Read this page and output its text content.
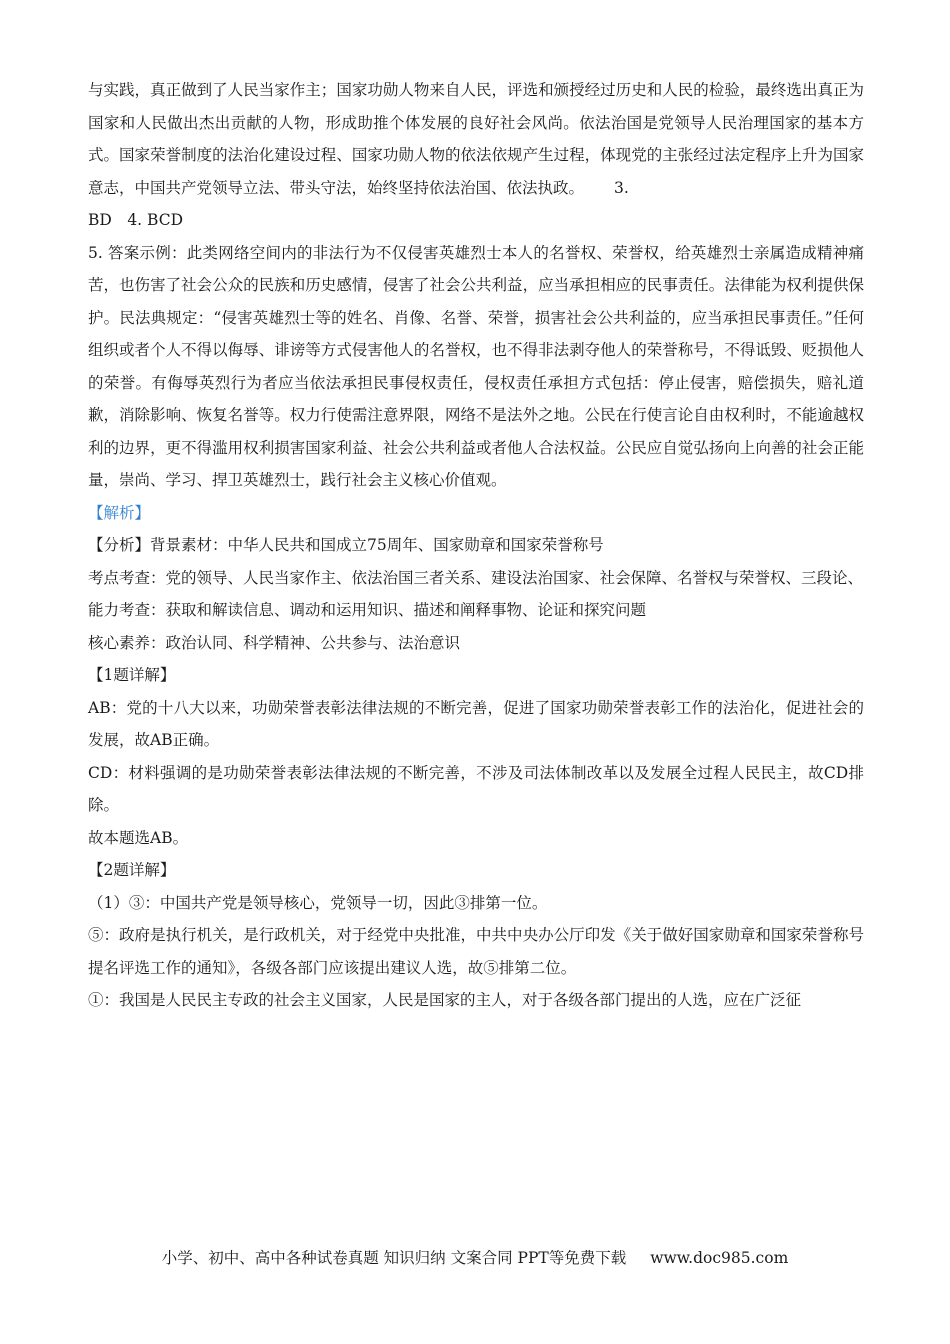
与实践，真正做到了人民当家作主；国家功勋人物来自人民，评选和颁授经过历史和人民的检验，最终选出真正为国家和人民做出杰出贡献的人物，形成助推个体发展的良好社会风尚。依法治国是党领导人民治理国家的基本方式。国家荣誉制度的法治化建设过程、国家功勋人物的依法依规产生过程，体现党的主张经过法定程序上升为国家意志，中国共产党领导立法、带头守法，始终坚持依法治国、依法执政。 3.

BD　4. BCD

5. 答案示例：此类网络空间内的非法行为不仅侵害英雄烈士本人的名誉权、荣誉权，给英雄烈士亲属造成精神痛苦，也伤害了社会公众的民族和历史感情，侵害了社会公共利益，应当承担相应的民事责任。法律能为权利提供保护。民法典规定：“侵害英雄烈士等的姓名、肖像、名誉、荣誉，损害社会公共利益的，应当承担民事责任。”任何组织或者个人不得以侮辱、诽谤等方式侵害他人的名誉权，也不得非法剥夺他人的荣誉称号，不得诋毁、贬损他人的荣誉。有侮辱英烈行为者应当依法承担民事侵权责任，侵权责任承担方式包括：停止侵害，赔偿损失，赔礼道歉，消除影响、恢复名誉等。权力行使需注意界限，网络不是法外之地。公民在行使言论自由权利时，不能逾越权利的边界，更不得滥用权利损害国家利益、社会公共利益或者他人合法权益。公民应自觉弘扬向上向善的社会正能量，崇尚、学习、捍卫英雄烈士，践行社会主义核心价值观。

【解析】

【分析】背景素材：中华人民共和国成立75周年、国家勋章和国家荣誉称号

考点考查：党的领导、人民当家作主、依法治国三者关系、建设法治国家、社会保障、名誉权与荣誉权、三段论、

能力考查：获取和解读信息、调动和运用知识、描述和阐释事物、论证和探究问题

核心素养：政治认同、科学精神、公共参与、法治意识

【1题详解】

AB：党的十八大以来，功勋荣誉表彰法律法规的不断完善，促进了国家功勋荣誉表彰工作的法治化，促进社会的发展，故AB正确。

CD：材料强调的是功勋荣誉表彰法律法规的不断完善，不涉及司法体制改革以及发展全过程人民民主，故CD排除。

故本题选AB。

【2题详解】

（1）③：中国共产党是领导核心，党领导一切，因此③排第一位。

⑤：政府是执行机关，是行政机关，对于经党中央批准，中共中央办公厅印发《关于做好国家勋章和国家荣誉称号提名评选工作的通知》，各级各部门应该提出建议人选，故⑤排第二位。

①：我国是人民民主专政的社会主义国家，人民是国家的主人，对于各级各部门提出的人选，应在广泛征

小学、初中、高中各种试卷真题 知识归纳 文案合同 PPT等免费下载 www.doc985.com
